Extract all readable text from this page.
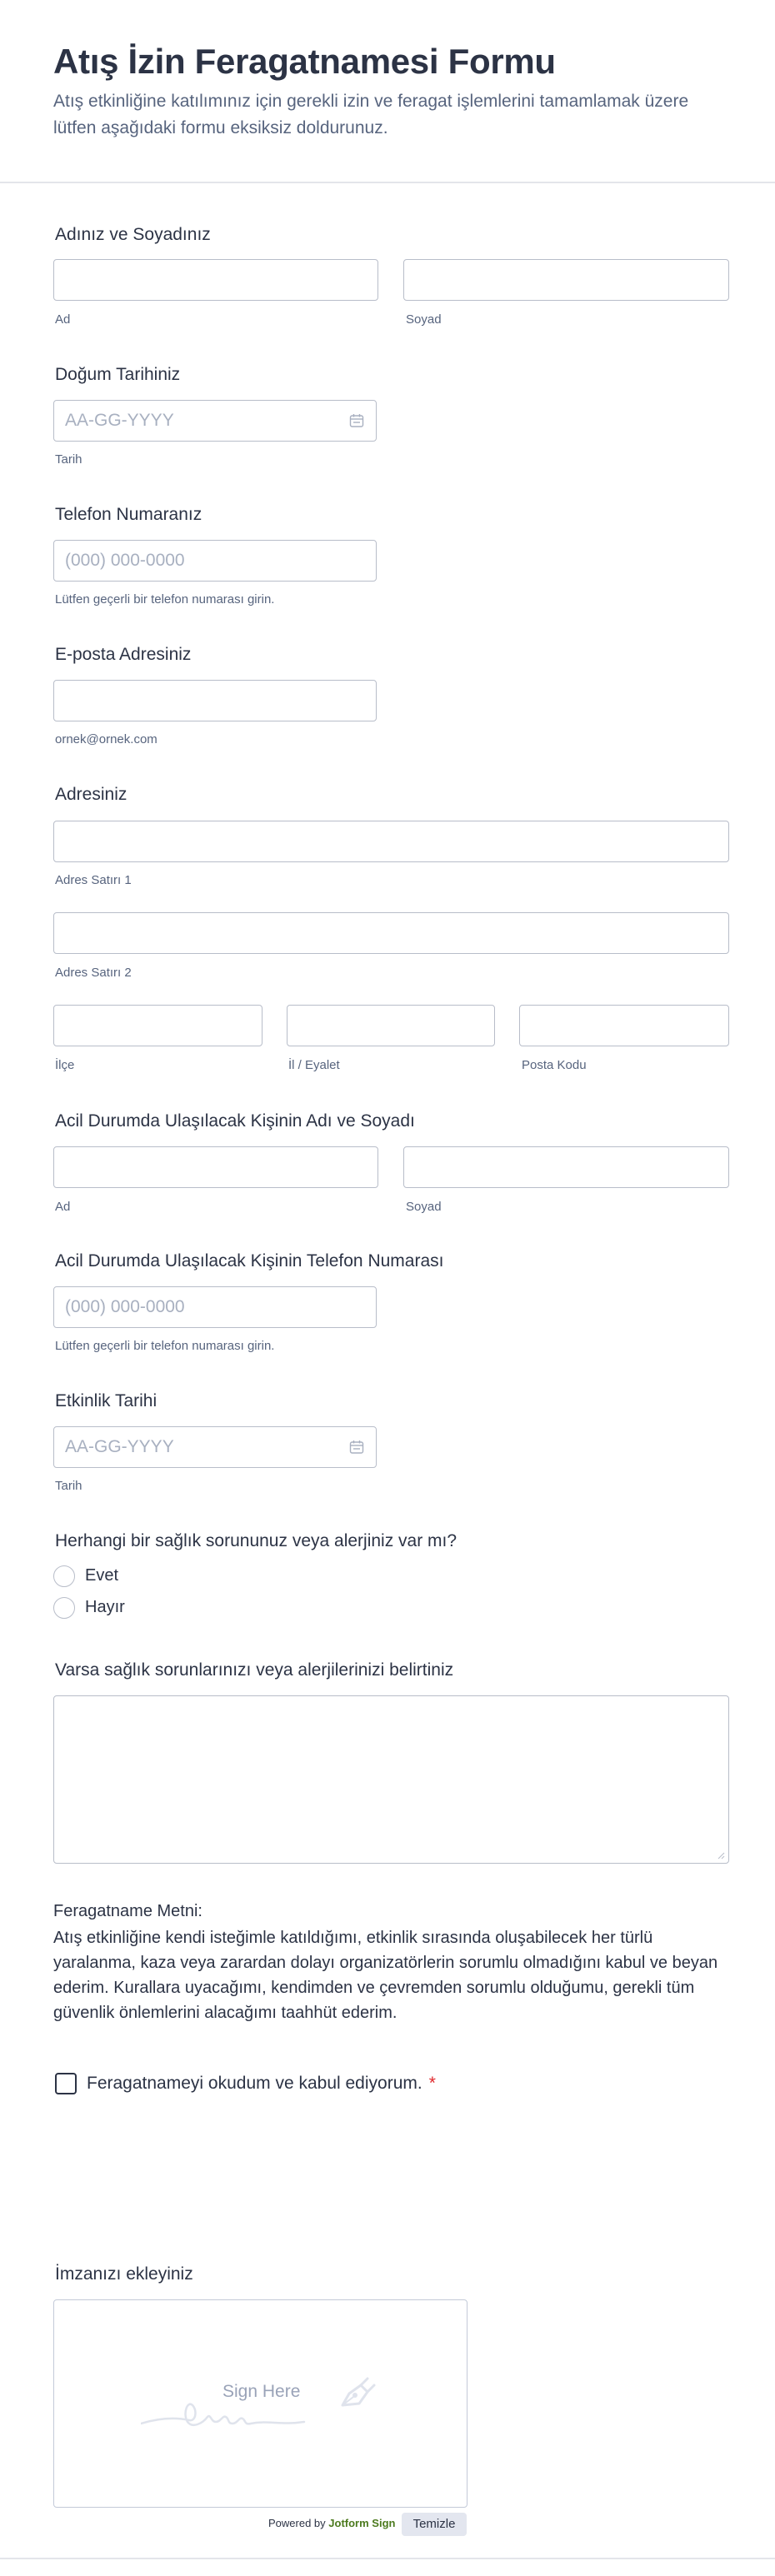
Atış İzin Feragatnamesi Formu

Atış etkinliğine katılımınız için gerekli izin ve feragat işlemlerini tamamlamak üzere lütfen aşağıdaki formu eksiksiz doldurunuz.

Adınız ve Soyadınız
Ad	Soyad
Doğum Tarihiniz
AA-GG-YYYY
Tarih
Telefon Numaranız
(000) 000-0000
Lütfen geçerli bir telefon numarası girin.
E-posta Adresiniz
ornek@ornek.com
Adresiniz
Adres Satırı 1
Adres Satırı 2
İlçe	İl / Eyalet	Posta Kodu
Acil Durumda Ulaşılacak Kişinin Adı ve Soyadı
Ad	Soyad
Acil Durumda Ulaşılacak Kişinin Telefon Numarası
(000) 000-0000
Lütfen geçerli bir telefon numarası girin.
Etkinlik Tarihi
AA-GG-YYYY
Tarih
Herhangi bir sağlık sorununuz veya alerjiniz var mı?
Evet
Hayır
Varsa sağlık sorunlarınızı veya alerjilerinizi belirtiniz
Feragatname Metni:
Atış etkinliğine kendi isteğimle katıldığımı, etkinlik sırasında oluşabilecek her türlü yaralanma, kaza veya zarardan dolayı organizatörlerin sorumlu olmadığını kabul ve beyan ederim. Kurallara uyacağımı, kendimden ve çevremden sorumlu olduğumu, gerekli tüm güvenlik önlemlerini alacağımı taahhüt ederim.
Feragatnameyi okudum ve kabul ediyorum. *
İmzanızı ekleyiniz
Sign Here
Powered by Jotform Sign	Temizle
